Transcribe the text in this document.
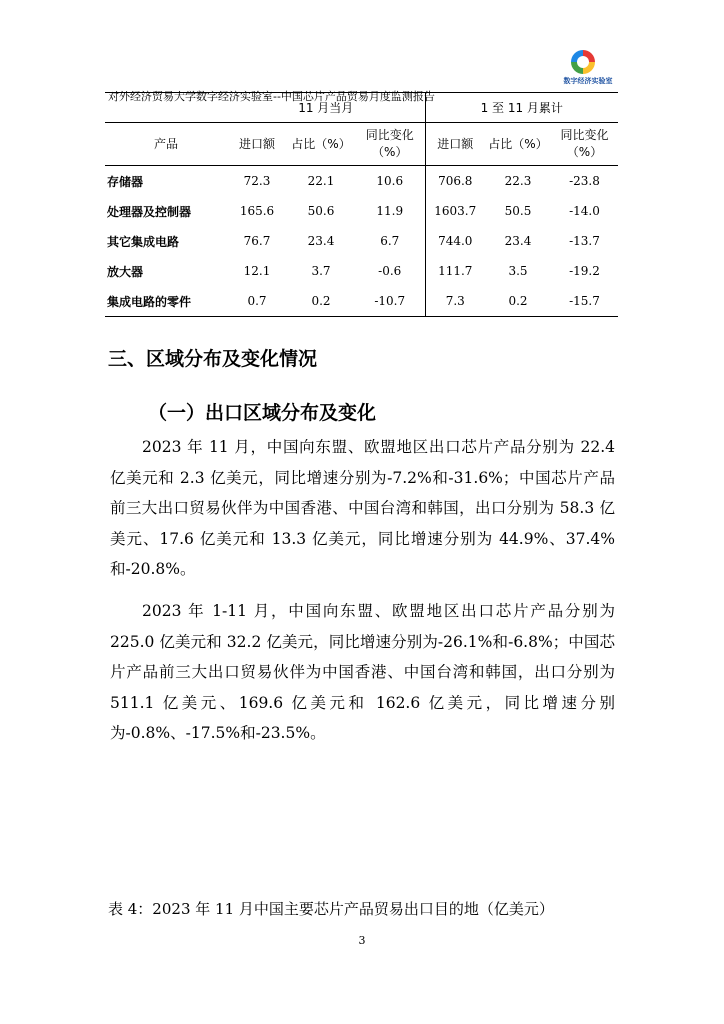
对外经济贸易大学数字经济实验室--中国芯片产品贸易月度监测报告
数字经济实验室
	11 月当月			1 至 11 月累计		
产品	进口额	占比（%）	同比变化（%）	进口额	占比（%）	同比变化（%）
存储器	72.3	22.1	10.6	706.8	22.3	-23.8
处理器及控制器	165.6	50.6	11.9	1603.7	50.5	-14.0
其它集成电路	76.7	23.4	6.7	744.0	23.4	-13.7
放大器	12.1	3.7	-0.6	111.7	3.5	-19.2
集成电路的零件	0.7	0.2	-10.7	7.3	0.2	-15.7
三、区域分布及变化情况
（一）出口区域分布及变化

2023 年 11 月，中国向东盟、欧盟地区出口芯片产品分别为 22.4 亿美元和 2.3 亿美元，同比增速分别为-7.2%和-31.6%；中国芯片产品前三大出口贸易伙伴为中国香港、中国台湾和韩国，出口分别为 58.3 亿美元、17.6 亿美元和 13.3 亿美元，同比增速分别为 44.9%、37.4%和-20.8%。

2023 年 1-11 月，中国向东盟、欧盟地区出口芯片产品分别为 225.0 亿美元和 32.2 亿美元，同比增速分别为-26.1%和-6.8%；中国芯片产品前三大出口贸易伙伴为中国香港、中国台湾和韩国，出口分别为 511.1 亿美元、169.6 亿美元和 162.6 亿美元，同比增速分别为-0.8%、-17.5%和-23.5%。

表 4：2023 年 11 月中国主要芯片产品贸易出口目的地（亿美元）
3
